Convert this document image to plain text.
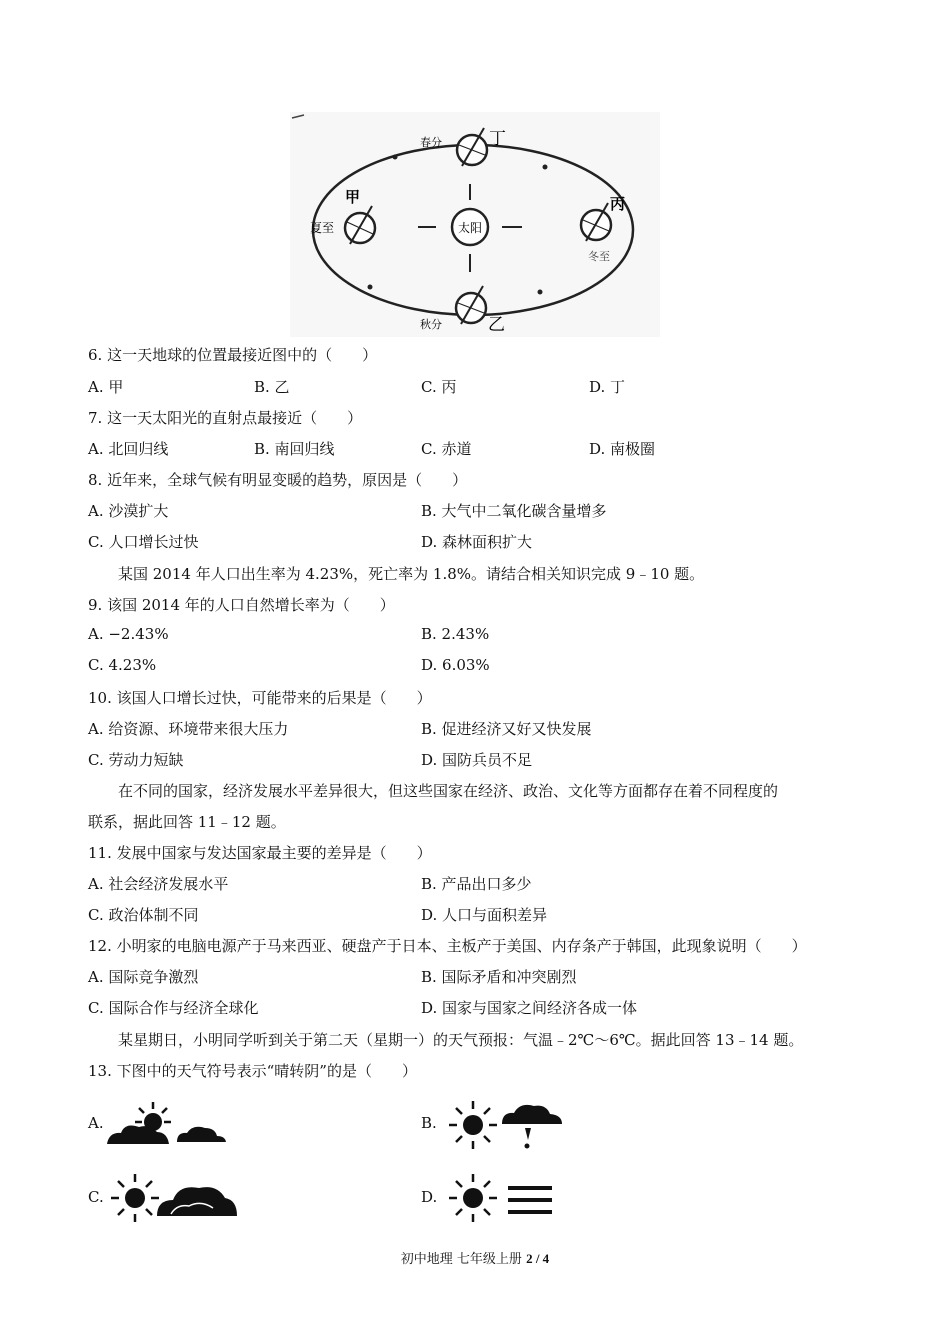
太阳
春分	丁
甲
夏至
丙
冬至
秋分	乙
6. 这一天地球的位置最接近图中的（　　）
A. 甲	B. 乙	C. 丙	D. 丁
7. 这一天太阳光的直射点最接近（　　）
A. 北回归线	B. 南回归线	C. 赤道	D. 南极圈
8. 近年来，全球气候有明显变暖的趋势，原因是（　　）
A. 沙漠扩大	B. 大气中二氧化碳含量增多
C. 人口增长过快	D. 森林面积扩大
某国 2014 年人口出生率为 4.23%，死亡率为 1.8%。请结合相关知识完成 9﹣10 题。
9. 该国 2014 年的人口自然增长率为（　　）
A. −2.43%	B. 2.43%
C. 4.23%	D. 6.03%
10. 该国人口增长过快，可能带来的后果是（　　）
A. 给资源、环境带来很大压力	B. 促进经济又好又快发展
C. 劳动力短缺	D. 国防兵员不足
在不同的国家，经济发展水平差异很大，但这些国家在经济、政治、文化等方面都存在着不同程度的
联系，据此回答 11﹣12 题。
11. 发展中国家与发达国家最主要的差异是（　　）
A. 社会经济发展水平	B. 产品出口多少
C. 政治体制不同	D. 人口与面积差异
12. 小明家的电脑电源产于马来西亚、硬盘产于日本、主板产于美国、内存条产于韩国，此现象说明（　　）
A. 国际竞争激烈	B. 国际矛盾和冲突剧烈
C. 国际合作与经济全球化	D. 国家与国家之间经济各成一体
某星期日，小明同学听到关于第二天（星期一）的天气预报：气温﹣2℃～6℃。据此回答 13﹣14 题。
13. 下图中的天气符号表示“晴转阴”的是（　　）
A.	B.
C.	D.
初中地理 七年级上册 2 / 4
